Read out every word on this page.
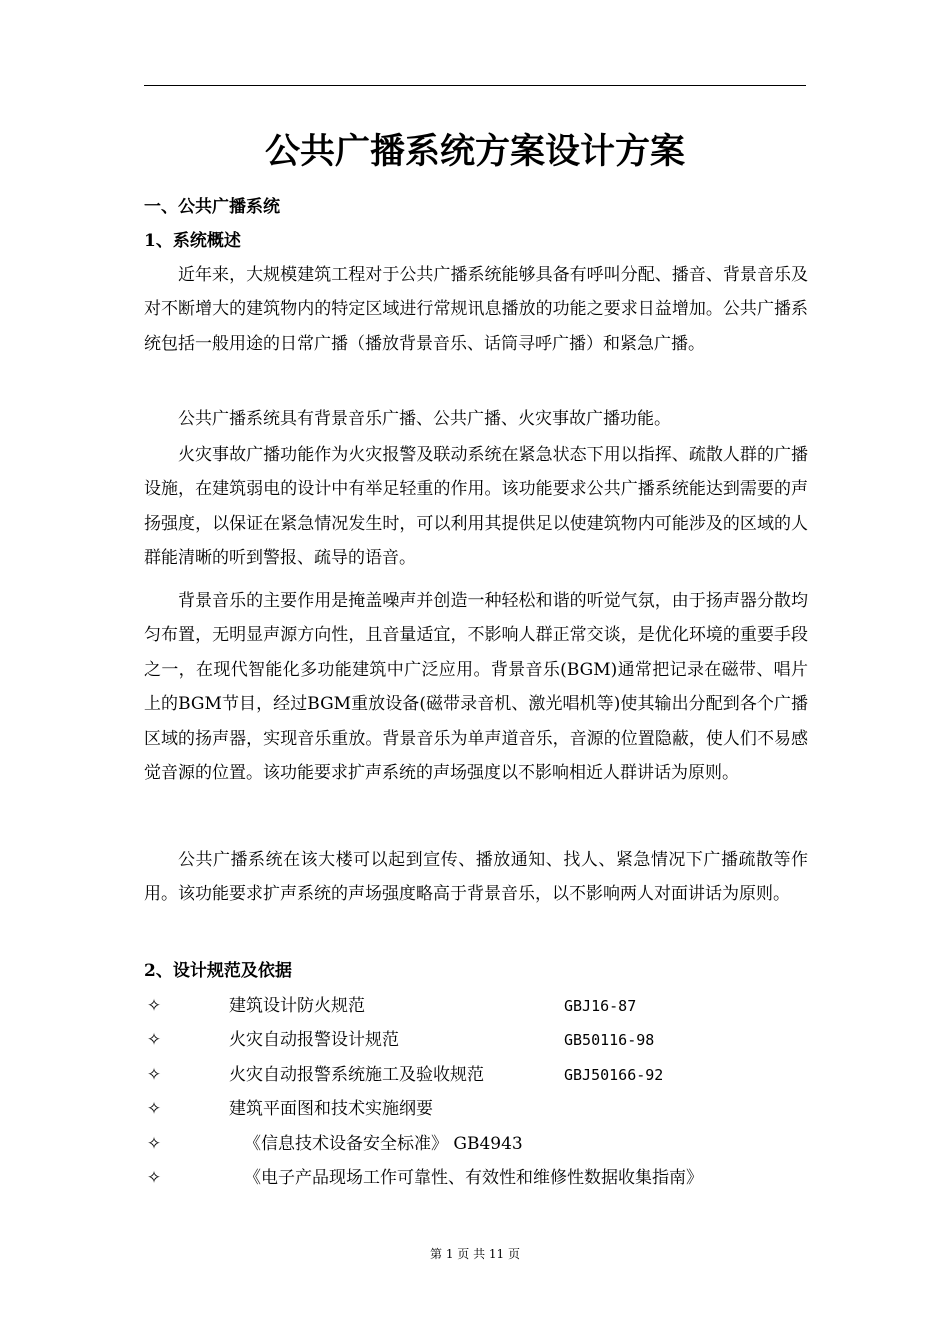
公共广播系统方案设计方案

一、公共广播系统

1、系统概述

近年来，大规模建筑工程对于公共广播系统能够具备有呼叫分配、播音、背景音乐及对不断增大的建筑物内的特定区域进行常规讯息播放的功能之要求日益增加。公共广播系统包括一般用途的日常广播（播放背景音乐、话筒寻呼广播）和紧急广播。

公共广播系统具有背景音乐广播、公共广播、火灾事故广播功能。

火灾事故广播功能作为火灾报警及联动系统在紧急状态下用以指挥、疏散人群的广播设施，在建筑弱电的设计中有举足轻重的作用。该功能要求公共广播系统能达到需要的声扬强度，以保证在紧急情况发生时，可以利用其提供足以使建筑物内可能涉及的区域的人群能清晰的听到警报、疏导的语音。

背景音乐的主要作用是掩盖噪声并创造一种轻松和谐的听觉气氛，由于扬声器分散均匀布置，无明显声源方向性，且音量适宜，不影响人群正常交谈，是优化环境的重要手段之一，在现代智能化多功能建筑中广泛应用。背景音乐(BGM)通常把记录在磁带、唱片上的BGM节目，经过BGM重放设备(磁带录音机、激光唱机等)使其输出分配到各个广播区域的扬声器，实现音乐重放。背景音乐为单声道音乐，音源的位置隐蔽，使人们不易感觉音源的位置。该功能要求扩声系统的声场强度以不影响相近人群讲话为原则。

公共广播系统在该大楼可以起到宣传、播放通知、找人、紧急情况下广播疏散等作用。该功能要求扩声系统的声场强度略高于背景音乐，以不影响两人对面讲话为原则。

2、设计规范及依据

✧	建筑设计防火规范	GBJ16-87
✧	火灾自动报警设计规范	GB50116-98
✧	火灾自动报警系统施工及验收规范	GBJ50166-92
✧	建筑平面图和技术实施纲要
✧	《信息技术设备安全标准》 GB4943
✧	《电子产品现场工作可靠性、有效性和维修性数据收集指南》

第 1 页 共 11 页
